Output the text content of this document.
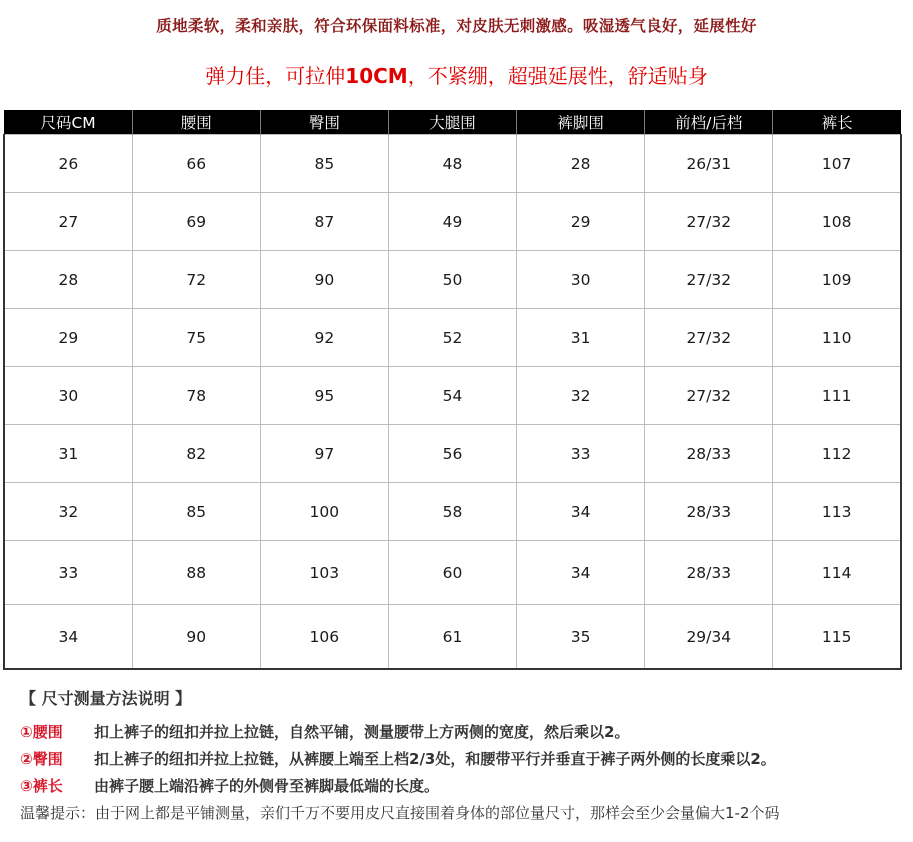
质地柔软，柔和亲肤，符合环保面料标准，对皮肤无刺激感。吸湿透气良好，延展性好
弹力佳，可拉伸10CM，不紧绷，超强延展性，舒适贴身
尺码CM	腰围	臀围	大腿围	裤脚围	前档/后档	裤长
26	66	85	48	28	26/31	107
27	69	87	49	29	27/32	108
28	72	90	50	30	27/32	109
29	75	92	52	31	27/32	110
30	78	95	54	32	27/32	111
31	82	97	56	33	28/33	112
32	85	100	58	34	28/33	113
33	88	103	60	34	28/33	114
34	90	106	61	35	29/34	115
【 尺寸测量方法说明 】
①腰围 扣上裤子的纽扣并拉上拉链，自然平铺，测量腰带上方两侧的宽度，然后乘以2。
②臀围 扣上裤子的纽扣并拉上拉链，从裤腰上端至上档2/3处，和腰带平行并垂直于裤子两外侧的长度乘以2。
③裤长 由裤子腰上端沿裤子的外侧骨至裤脚最低端的长度。
温馨提示：由于网上都是平铺测量，亲们千万不要用皮尺直接围着身体的部位量尺寸，那样会至少会量偏大1-2个码
